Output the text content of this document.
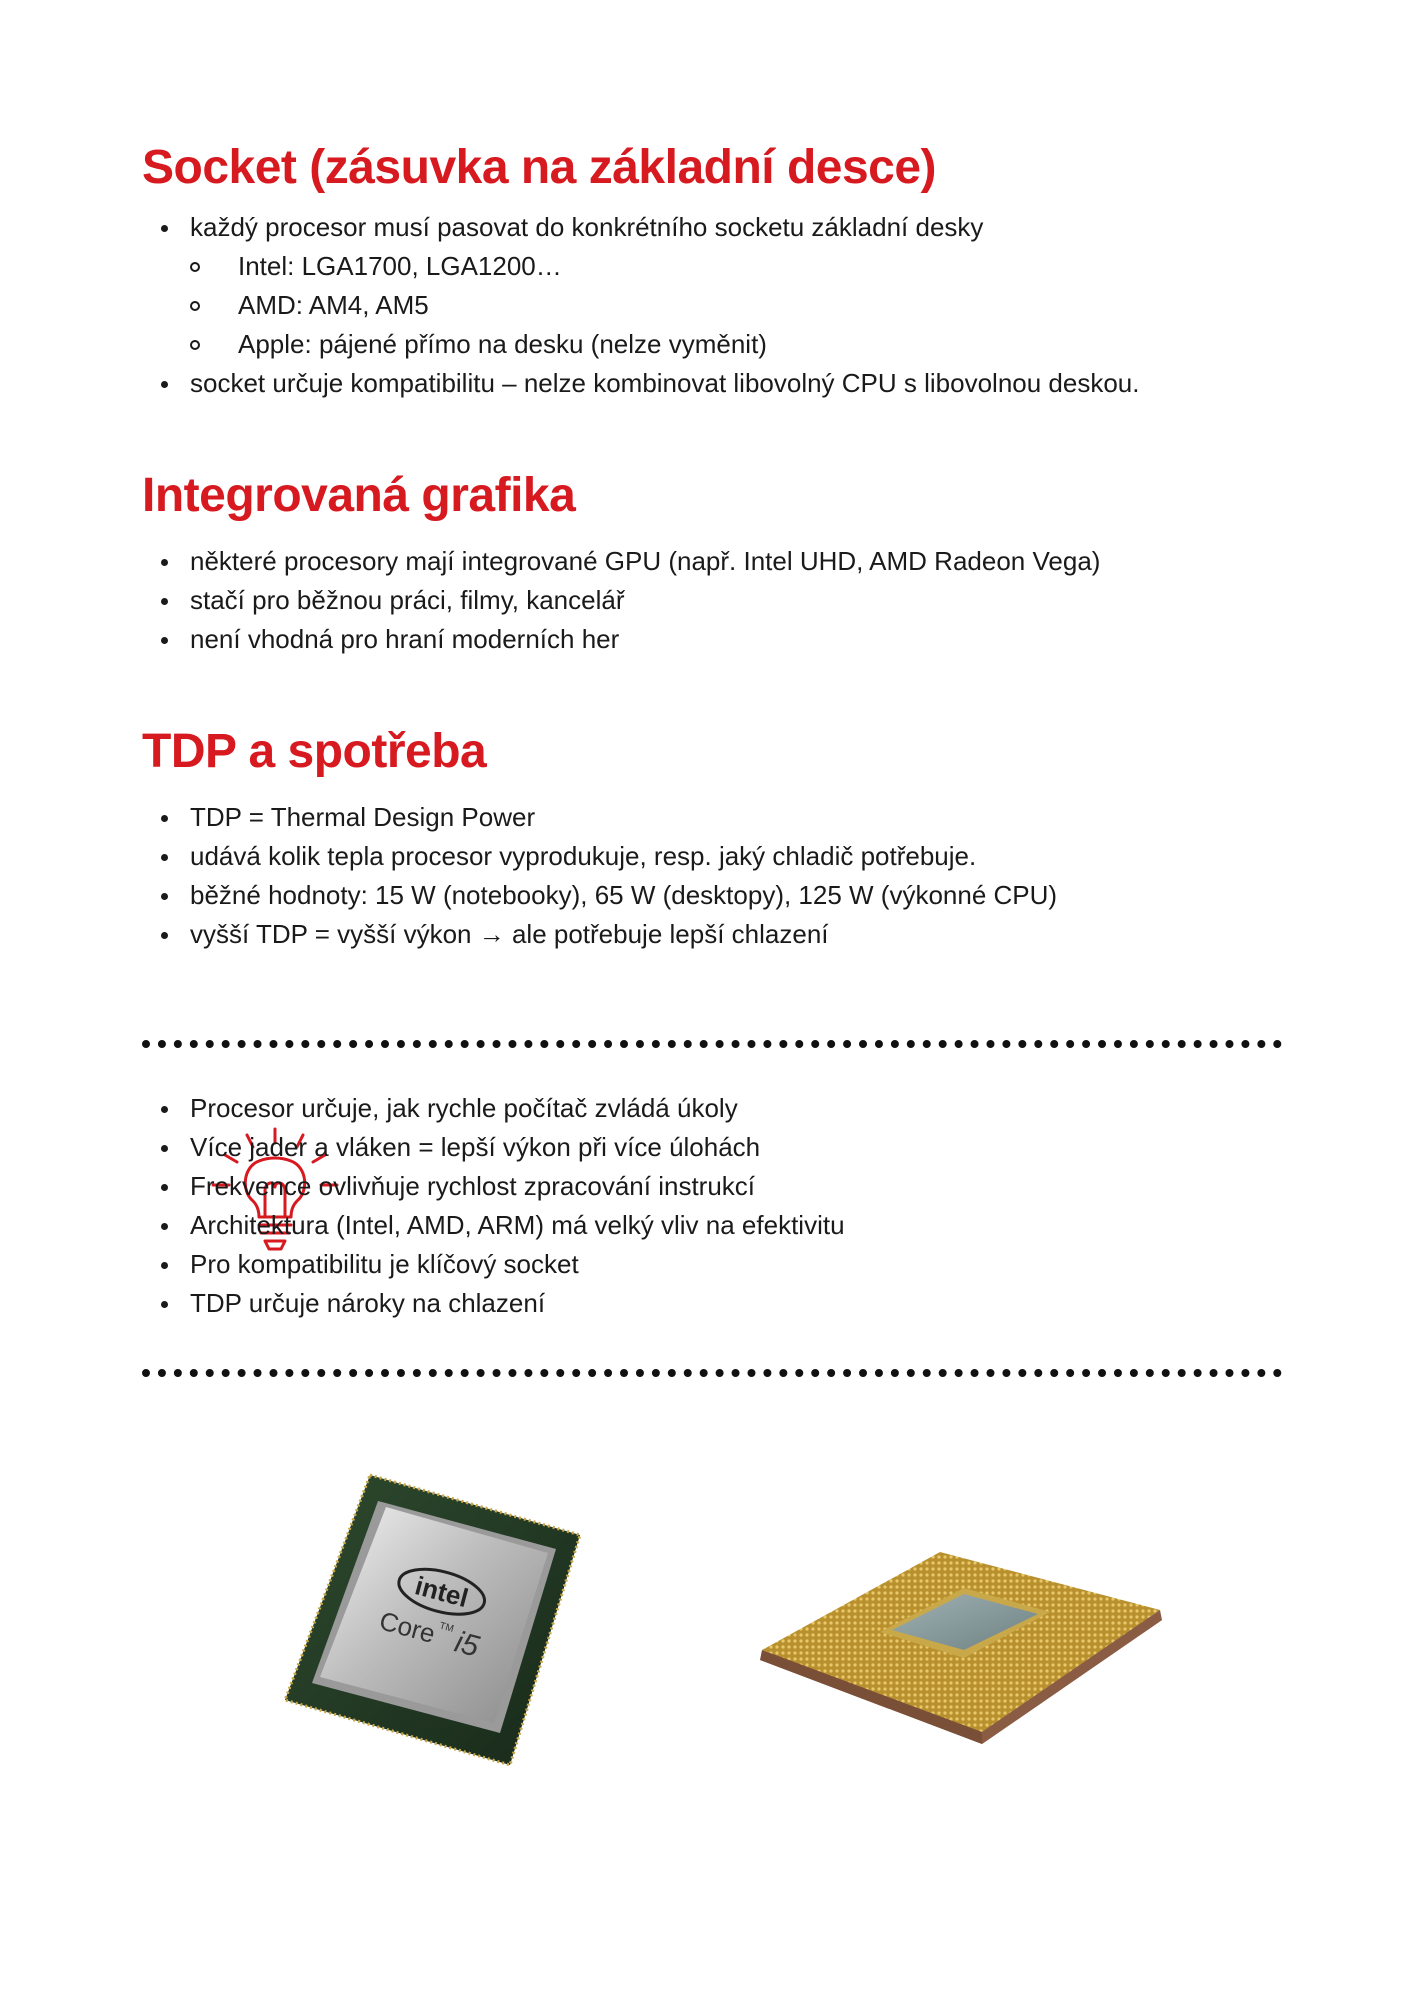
Socket (zásuvka na základní desce)
každý procesor musí pasovat do konkrétního socketu základní desky
Intel: LGA1700, LGA1200…
AMD: AM4, AM5
Apple: pájené přímo na desku (nelze vyměnit)
socket určuje kompatibilitu – nelze kombinovat libovolný CPU s libovolnou deskou.
Integrovaná grafika
některé procesory mají integrované GPU (např. Intel UHD, AMD Radeon Vega)
stačí pro běžnou práci, filmy, kancelář
není vhodná pro hraní moderních her
TDP a spotřeba
TDP = Thermal Design Power
udává kolik tepla procesor vyprodukuje, resp. jaký chladič potřebuje.
běžné hodnoty: 15 W (notebooky), 65 W (desktopy), 125 W (výkonné CPU)
vyšší TDP = vyšší výkon → ale potřebuje lepší chlazení
Procesor určuje, jak rychle počítač zvládá úkoly
Více jader a vláken = lepší výkon při více úlohách
Frekvence ovlivňuje rychlost zpracování instrukcí
Architektura (Intel, AMD, ARM) má velký vliv na efektivitu
Pro kompatibilitu je klíčový socket
TDP určuje nároky na chlazení
intel
Core TM
i5
